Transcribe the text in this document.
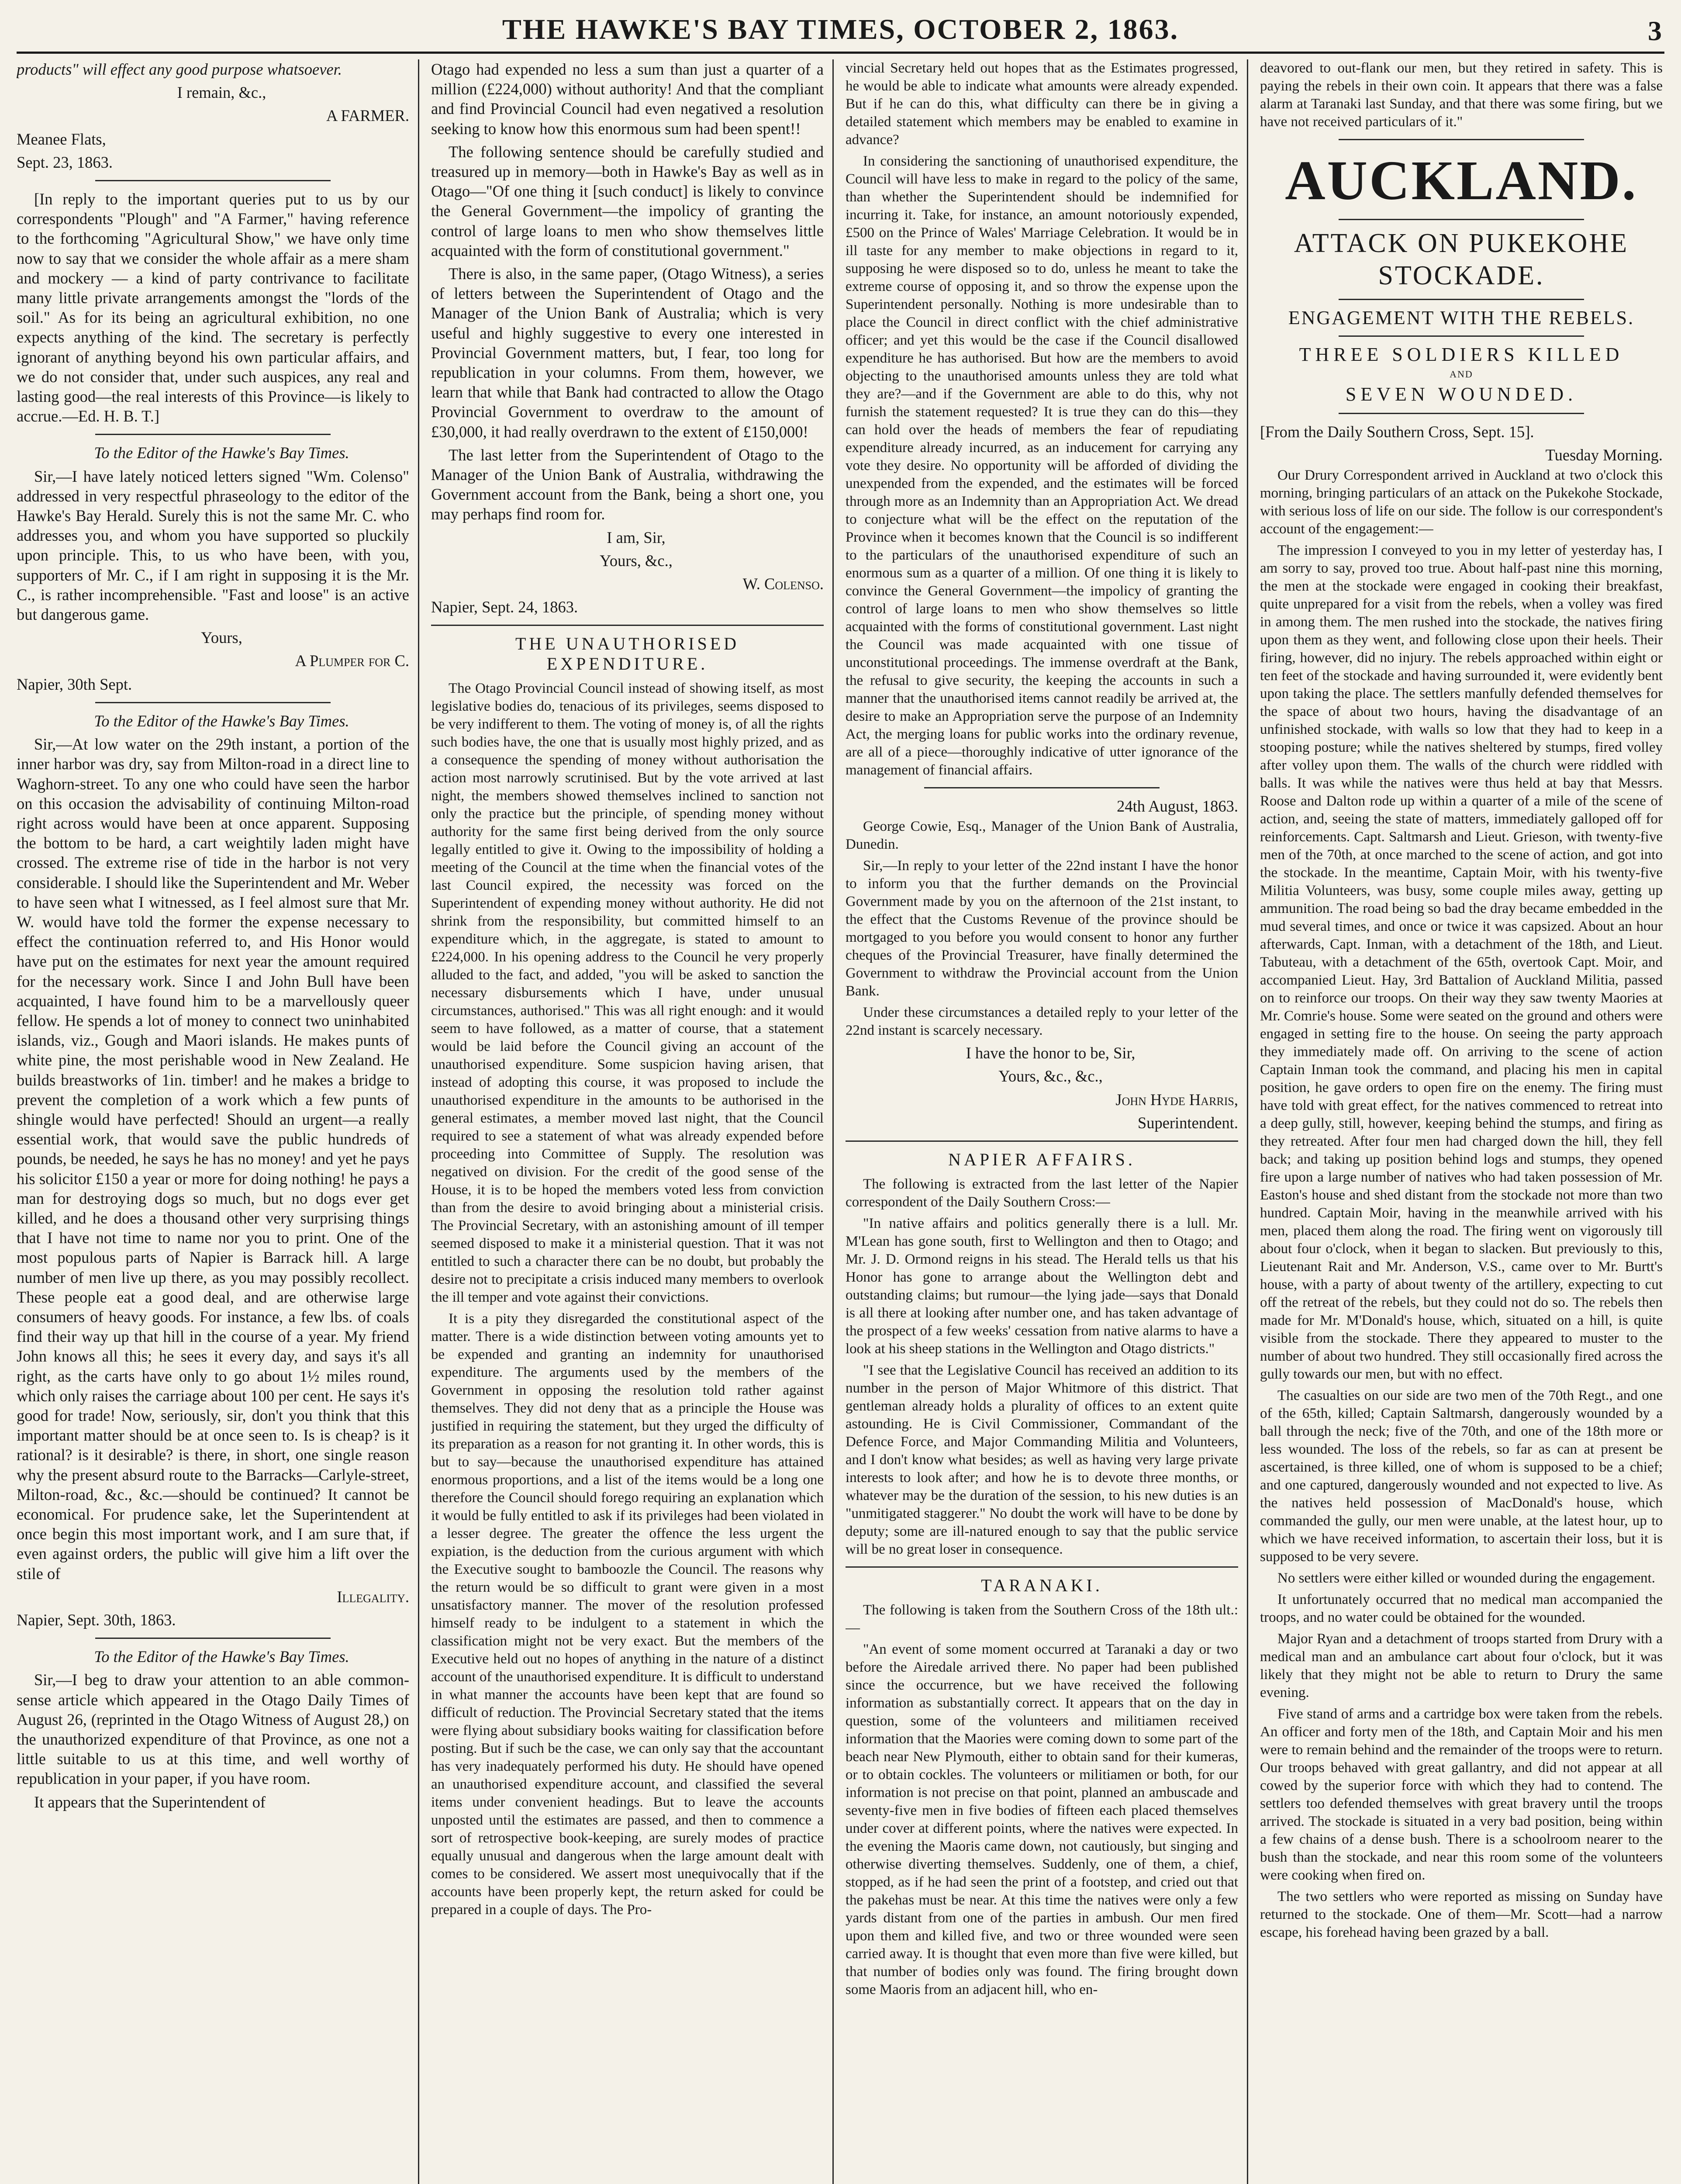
THE HAWKE'S BAY TIMES, OCTOBER 2, 1863.	3

products" will effect any good purpose whatsoever.

I remain, &c.,

A FARMER.

Meanee Flats,

Sept. 23, 1863.

[In reply to the important queries put to us by our correspondents "Plough" and "A Farmer," having reference to the forthcoming "Agricultural Show," we have only time now to say that we consider the whole affair as a mere sham and mockery — a kind of party contrivance to facilitate many little private arrangements amongst the "lords of the soil." As for its being an agricultural exhibition, no one expects anything of the kind. The secretary is perfectly ignorant of anything beyond his own particular affairs, and we do not consider that, under such auspices, any real and lasting good—the real interests of this Province—is likely to accrue.—Ed. H. B. T.]

To the Editor of the Hawke's Bay Times.

Sir,—I have lately noticed letters signed "Wm. Colenso" addressed in very respectful phraseology to the editor of the Hawke's Bay Herald. Surely this is not the same Mr. C. who addresses you, and whom you have supported so pluckily upon principle. This, to us who have been, with you, supporters of Mr. C., if I am right in supposing it is the Mr. C., is rather incomprehensible. "Fast and loose" is an active but dangerous game.

Yours,

A Plumper for C.

Napier, 30th Sept.

To the Editor of the Hawke's Bay Times.

Sir,—At low water on the 29th instant, a portion of the inner harbor was dry, say from Milton-road in a direct line to Waghorn-street. To any one who could have seen the harbor on this occasion the advisability of continuing Milton-road right across would have been at once apparent. Supposing the bottom to be hard, a cart weightily laden might have crossed. The extreme rise of tide in the harbor is not very considerable. I should like the Superintendent and Mr. Weber to have seen what I witnessed, as I feel almost sure that Mr. W. would have told the former the expense necessary to effect the continuation referred to, and His Honor would have put on the estimates for next year the amount required for the necessary work. Since I and John Bull have been acquainted, I have found him to be a marvellously queer fellow. He spends a lot of money to connect two uninhabited islands, viz., Gough and Maori islands. He makes punts of white pine, the most perishable wood in New Zealand. He builds breastworks of 1in. timber! and he makes a bridge to prevent the completion of a work which a few punts of shingle would have perfected! Should an urgent—a really essential work, that would save the public hundreds of pounds, be needed, he says he has no money! and yet he pays his solicitor £150 a year or more for doing nothing! he pays a man for destroying dogs so much, but no dogs ever get killed, and he does a thousand other very surprising things that I have not time to name nor you to print. One of the most populous parts of Napier is Barrack hill. A large number of men live up there, as you may possibly recollect. These people eat a good deal, and are otherwise large consumers of heavy goods. For instance, a few lbs. of coals find their way up that hill in the course of a year. My friend John knows all this; he sees it every day, and says it's all right, as the carts have only to go about 1½ miles round, which only raises the carriage about 100 per cent. He says it's good for trade! Now, seriously, sir, don't you think that this important matter should be at once seen to. Is is cheap? is it rational? is it desirable? is there, in short, one single reason why the present absurd route to the Barracks—Carlyle-street, Milton-road, &c., &c.—should be continued? It cannot be economical. For prudence sake, let the Superintendent at once begin this most important work, and I am sure that, if even against orders, the public will give him a lift over the stile of

Illegality.

Napier, Sept. 30th, 1863.

To the Editor of the Hawke's Bay Times.

Sir,—I beg to draw your attention to an able common-sense article which appeared in the Otago Daily Times of August 26, (reprinted in the Otago Witness of August 28,) on the unauthorized expenditure of that Province, as one not a little suitable to us at this time, and well worthy of republication in your paper, if you have room.

It appears that the Superintendent of

Otago had expended no less a sum than just a quarter of a million (£224,000) without authority! And that the compliant and find Provincial Council had even negatived a resolution seeking to know how this enormous sum had been spent!!

The following sentence should be carefully studied and treasured up in memory—both in Hawke's Bay as well as in Otago—"Of one thing it [such conduct] is likely to convince the General Government—the impolicy of granting the control of large loans to men who show themselves little acquainted with the form of constitutional government."

There is also, in the same paper, (Otago Witness), a series of letters between the Superintendent of Otago and the Manager of the Union Bank of Australia; which is very useful and highly suggestive to every one interested in Provincial Government matters, but, I fear, too long for republication in your columns. From them, however, we learn that while that Bank had contracted to allow the Otago Provincial Government to overdraw to the amount of £30,000, it had really overdrawn to the extent of £150,000!

The last letter from the Superintendent of Otago to the Manager of the Union Bank of Australia, withdrawing the Government account from the Bank, being a short one, you may perhaps find room for.

I am, Sir,

Yours, &c.,

W. Colenso.

Napier, Sept. 24, 1863.

THE UNAUTHORISED EXPENDITURE.

The Otago Provincial Council instead of showing itself, as most legislative bodies do, tenacious of its privileges, seems disposed to be very indifferent to them. The voting of money is, of all the rights such bodies have, the one that is usually most highly prized, and as a consequence the spending of money without authorisation the action most narrowly scrutinised. But by the vote arrived at last night, the members showed themselves inclined to sanction not only the practice but the principle, of spending money without authority for the same first being derived from the only source legally entitled to give it. Owing to the impossibility of holding a meeting of the Council at the time when the financial votes of the last Council expired, the necessity was forced on the Superintendent of expending money without authority. He did not shrink from the responsibility, but committed himself to an expenditure which, in the aggregate, is stated to amount to £224,000. In his opening address to the Council he very properly alluded to the fact, and added, "you will be asked to sanction the necessary disbursements which I have, under unusual circumstances, authorised." This was all right enough: and it would seem to have followed, as a matter of course, that a statement would be laid before the Council giving an account of the unauthorised expenditure. Some suspicion having arisen, that instead of adopting this course, it was proposed to include the unauthorised expenditure in the amounts to be authorised in the general estimates, a member moved last night, that the Council required to see a statement of what was already expended before proceeding into Committee of Supply. The resolution was negatived on division. For the credit of the good sense of the House, it is to be hoped the members voted less from conviction than from the desire to avoid bringing about a ministerial crisis. The Provincial Secretary, with an astonishing amount of ill temper seemed disposed to make it a ministerial question. That it was not entitled to such a character there can be no doubt, but probably the desire not to precipitate a crisis induced many members to overlook the ill temper and vote against their convictions.

It is a pity they disregarded the constitutional aspect of the matter. There is a wide distinction between voting amounts yet to be expended and granting an indemnity for unauthorised expenditure. The arguments used by the members of the Government in opposing the resolution told rather against themselves. They did not deny that as a principle the House was justified in requiring the statement, but they urged the difficulty of its preparation as a reason for not granting it. In other words, this is but to say—because the unauthorised expenditure has attained enormous proportions, and a list of the items would be a long one therefore the Council should forego requiring an explanation which it would be fully entitled to ask if its privileges had been violated in a lesser degree. The greater the offence the less urgent the expiation, is the deduction from the curious argument with which the Executive sought to bamboozle the Council. The reasons why the return would be so difficult to grant were given in a most unsatisfactory manner. The mover of the resolution professed himself ready to be indulgent to a statement in which the classification might not be very exact. But the members of the Executive held out no hopes of anything in the nature of a distinct account of the unauthorised expenditure. It is difficult to understand in what manner the accounts have been kept that are found so difficult of reduction. The Provincial Secretary stated that the items were flying about subsidiary books waiting for classification before posting. But if such be the case, we can only say that the accountant has very inadequately performed his duty. He should have opened an unauthorised expenditure account, and classified the several items under convenient headings. But to leave the accounts unposted until the estimates are passed, and then to commence a sort of retrospective book-keeping, are surely modes of practice equally unusual and dangerous when the large amount dealt with comes to be considered. We assert most unequivocally that if the accounts have been properly kept, the return asked for could be prepared in a couple of days. The Pro-

vincial Secretary held out hopes that as the Estimates progressed, he would be able to indicate what amounts were already expended. But if he can do this, what difficulty can there be in giving a detailed statement which members may be enabled to examine in advance?

In considering the sanctioning of unauthorised expenditure, the Council will have less to make in regard to the policy of the same, than whether the Superintendent should be indemnified for incurring it. Take, for instance, an amount notoriously expended, £500 on the Prince of Wales' Marriage Celebration. It would be in ill taste for any member to make objections in regard to it, supposing he were disposed so to do, unless he meant to take the extreme course of opposing it, and so throw the expense upon the Superintendent personally. Nothing is more undesirable than to place the Council in direct conflict with the chief administrative officer; and yet this would be the case if the Council disallowed expenditure he has authorised. But how are the members to avoid objecting to the unauthorised amounts unless they are told what they are?—and if the Government are able to do this, why not furnish the statement requested? It is true they can do this—they can hold over the heads of members the fear of repudiating expenditure already incurred, as an inducement for carrying any vote they desire. No opportunity will be afforded of dividing the unexpended from the expended, and the estimates will be forced through more as an Indemnity than an Appropriation Act. We dread to conjecture what will be the effect on the reputation of the Province when it becomes known that the Council is so indifferent to the particulars of the unauthorised expenditure of such an enormous sum as a quarter of a million. Of one thing it is likely to convince the General Government—the impolicy of granting the control of large loans to men who show themselves so little acquainted with the forms of constitutional government. Last night the Council was made acquainted with one tissue of unconstitutional proceedings. The immense overdraft at the Bank, the refusal to give security, the keeping the accounts in such a manner that the unauthorised items cannot readily be arrived at, the desire to make an Appropriation serve the purpose of an Indemnity Act, the merging loans for public works into the ordinary revenue, are all of a piece—thoroughly indicative of utter ignorance of the management of financial affairs.

24th August, 1863.

George Cowie, Esq., Manager of the Union Bank of Australia, Dunedin.

Sir,—In reply to your letter of the 22nd instant I have the honor to inform you that the further demands on the Provincial Government made by you on the afternoon of the 21st instant, to the effect that the Customs Revenue of the province should be mortgaged to you before you would consent to honor any further cheques of the Provincial Treasurer, have finally determined the Government to withdraw the Provincial account from the Union Bank.

Under these circumstances a detailed reply to your letter of the 22nd instant is scarcely necessary.

I have the honor to be, Sir,

Yours, &c., &c.,

John Hyde Harris,

Superintendent.

NAPIER AFFAIRS.

The following is extracted from the last letter of the Napier correspondent of the Daily Southern Cross:—

"In native affairs and politics generally there is a lull. Mr. M'Lean has gone south, first to Wellington and then to Otago; and Mr. J. D. Ormond reigns in his stead. The Herald tells us that his Honor has gone to arrange about the Wellington debt and outstanding claims; but rumour—the lying jade—says that Donald is all there at looking after number one, and has taken advantage of the prospect of a few weeks' cessation from native alarms to have a look at his sheep stations in the Wellington and Otago districts."

"I see that the Legislative Council has received an addition to its number in the person of Major Whitmore of this district. That gentleman already holds a plurality of offices to an extent quite astounding. He is Civil Commissioner, Commandant of the Defence Force, and Major Commanding Militia and Volunteers, and I don't know what besides; as well as having very large private interests to look after; and how he is to devote three months, or whatever may be the duration of the session, to his new duties is an "unmitigated staggerer." No doubt the work will have to be done by deputy; some are ill-natured enough to say that the public service will be no great loser in consequence.

TARANAKI.

The following is taken from the Southern Cross of the 18th ult.:—

"An event of some moment occurred at Taranaki a day or two before the Airedale arrived there. No paper had been published since the occurrence, but we have received the following information as substantially correct. It appears that on the day in question, some of the volunteers and militiamen received information that the Maories were coming down to some part of the beach near New Plymouth, either to obtain sand for their kumeras, or to obtain cockles. The volunteers or militiamen or both, for our information is not precise on that point, planned an ambuscade and seventy-five men in five bodies of fifteen each placed themselves under cover at different points, where the natives were expected. In the evening the Maoris came down, not cautiously, but singing and otherwise diverting themselves. Suddenly, one of them, a chief, stopped, as if he had seen the print of a footstep, and cried out that the pakehas must be near. At this time the natives were only a few yards distant from one of the parties in ambush. Our men fired upon them and killed five, and two or three wounded were seen carried away. It is thought that even more than five were killed, but that number of bodies only was found. The firing brought down some Maoris from an adjacent hill, who en-

deavored to out-flank our men, but they retired in safety. This is paying the rebels in their own coin. It appears that there was a false alarm at Taranaki last Sunday, and that there was some firing, but we have not received particulars of it."

AUCKLAND.
ATTACK ON PUKEKOHE
STOCKADE.
ENGAGEMENT WITH THE REBELS.
THREE SOLDIERS KILLED
AND
SEVEN WOUNDED.

[From the Daily Southern Cross, Sept. 15].

Tuesday Morning.

Our Drury Correspondent arrived in Auckland at two o'clock this morning, bringing particulars of an attack on the Pukekohe Stockade, with serious loss of life on our side. The follow is our correspondent's account of the engagement:—

The impression I conveyed to you in my letter of yesterday has, I am sorry to say, proved too true. About half-past nine this morning, the men at the stockade were engaged in cooking their breakfast, quite unprepared for a visit from the rebels, when a volley was fired in among them. The men rushed into the stockade, the natives firing upon them as they went, and following close upon their heels. Their firing, however, did no injury. The rebels approached within eight or ten feet of the stockade and having surrounded it, were evidently bent upon taking the place. The settlers manfully defended themselves for the space of about two hours, having the disadvantage of an unfinished stockade, with walls so low that they had to keep in a stooping posture; while the natives sheltered by stumps, fired volley after volley upon them. The walls of the church were riddled with balls. It was while the natives were thus held at bay that Messrs. Roose and Dalton rode up within a quarter of a mile of the scene of action, and, seeing the state of matters, immediately galloped off for reinforcements. Capt. Saltmarsh and Lieut. Grieson, with twenty-five men of the 70th, at once marched to the scene of action, and got into the stockade. In the meantime, Captain Moir, with his twenty-five Militia Volunteers, was busy, some couple miles away, getting up ammunition. The road being so bad the dray became embedded in the mud several times, and once or twice it was capsized. About an hour afterwards, Capt. Inman, with a detachment of the 18th, and Lieut. Tabuteau, with a detachment of the 65th, overtook Capt. Moir, and accompanied Lieut. Hay, 3rd Battalion of Auckland Militia, passed on to reinforce our troops. On their way they saw twenty Maories at Mr. Comrie's house. Some were seated on the ground and others were engaged in setting fire to the house. On seeing the party approach they immediately made off. On arriving to the scene of action Captain Inman took the command, and placing his men in capital position, he gave orders to open fire on the enemy. The firing must have told with great effect, for the natives commenced to retreat into a deep gully, still, however, keeping behind the stumps, and firing as they retreated. After four men had charged down the hill, they fell back; and taking up position behind logs and stumps, they opened fire upon a large number of natives who had taken possession of Mr. Easton's house and shed distant from the stockade not more than two hundred. Captain Moir, having in the meanwhile arrived with his men, placed them along the road. The firing went on vigorously till about four o'clock, when it began to slacken. But previously to this, Lieutenant Rait and Mr. Anderson, V.S., came over to Mr. Burtt's house, with a party of about twenty of the artillery, expecting to cut off the retreat of the rebels, but they could not do so. The rebels then made for Mr. M'Donald's house, which, situated on a hill, is quite visible from the stockade. There they appeared to muster to the number of about two hundred. They still occasionally fired across the gully towards our men, but with no effect.

The casualties on our side are two men of the 70th Regt., and one of the 65th, killed; Captain Saltmarsh, dangerously wounded by a ball through the neck; five of the 70th, and one of the 18th more or less wounded. The loss of the rebels, so far as can at present be ascertained, is three killed, one of whom is supposed to be a chief; and one captured, dangerously wounded and not expected to live. As the natives held possession of MacDonald's house, which commanded the gully, our men were unable, at the latest hour, up to which we have received information, to ascertain their loss, but it is supposed to be very severe.

No settlers were either killed or wounded during the engagement.

It unfortunately occurred that no medical man accompanied the troops, and no water could be obtained for the wounded.

Major Ryan and a detachment of troops started from Drury with a medical man and an ambulance cart about four o'clock, but it was likely that they might not be able to return to Drury the same evening.

Five stand of arms and a cartridge box were taken from the rebels. An officer and forty men of the 18th, and Captain Moir and his men were to remain behind and the remainder of the troops were to return. Our troops behaved with great gallantry, and did not appear at all cowed by the superior force with which they had to contend. The settlers too defended themselves with great bravery until the troops arrived. The stockade is situated in a very bad position, being within a few chains of a dense bush. There is a schoolroom nearer to the bush than the stockade, and near this room some of the volunteers were cooking when fired on.

The two settlers who were reported as missing on Sunday have returned to the stockade. One of them—Mr. Scott—had a narrow escape, his forehead having been grazed by a ball.
